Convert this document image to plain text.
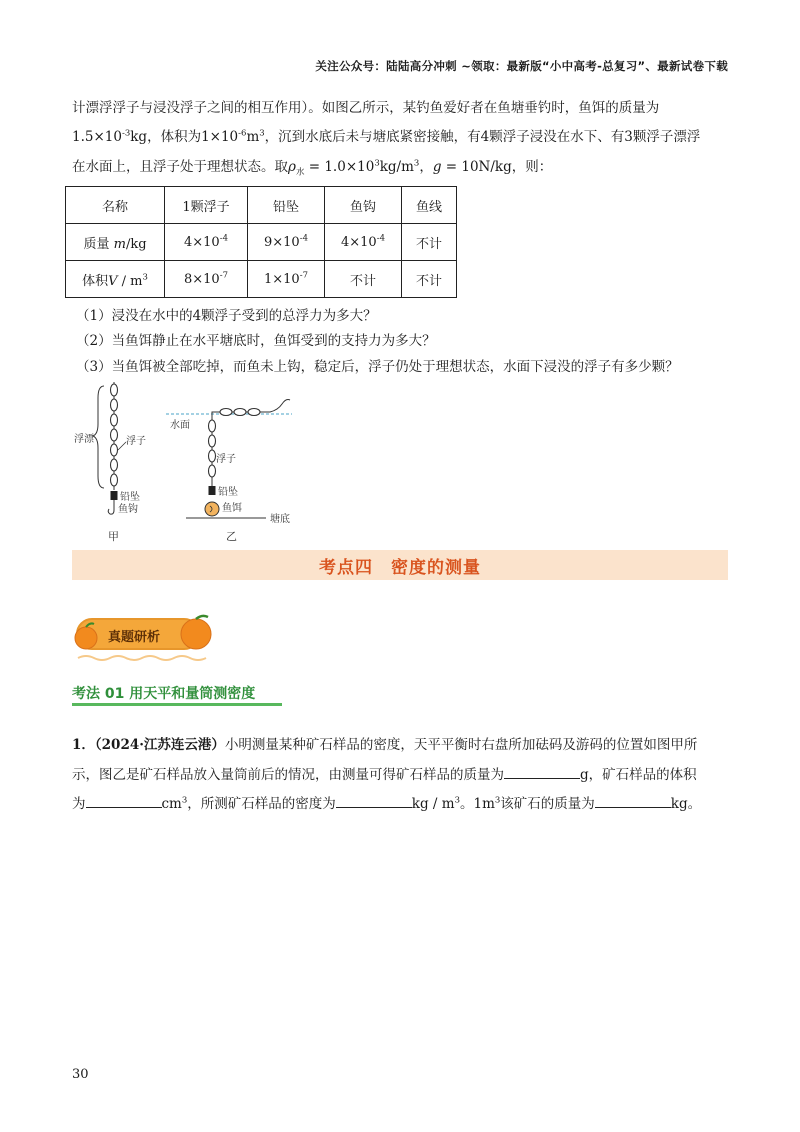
关注公众号：陆陆高分冲刺 ~领取：最新版“小中高考-总复习”、最新试卷下载
计漂浮浮子与浸没浮子之间的相互作用）。如图乙所示，某钓鱼爱好者在鱼塘垂钓时，鱼饵的质量为
$1.5\times 10^{-3}kg$，体积为$1\times 10^{-6}m^3$，沉到水底后未与塘底紧密接触，有4颗浮子浸没在水下、有3颗浮子漂浮
在水面上，且浮子处于理想状态。取$\rho_水 = 1.0\times 10^3kg/m^3$，g = 10N/kg，则：
名称	1颗浮子	铅坠	鱼钩	鱼线
质量 m/kg	$4\times 10^{-4}$	$9\times 10^{-4}$	$4\times 10^{-4}$	不计
体积V / $m^3$	$8\times 10^{-7}$	$1\times 10^{-7}$	不计	不计
（1）浸没在水中的4颗浮子受到的总浮力为多大？
（2）当鱼饵静止在水平塘底时，鱼饵受到的支持力为多大？
（3）当鱼饵被全部吃掉，而鱼未上钩，稳定后，浮子仍处于理想状态，水面下浸没的浮子有多少颗？
浮漂	浮子
铅坠
鱼钩
甲
水面
浮子
铅坠
鱼饵
塘底
乙
考点四　密度的测量
真题研析
考法 01 用天平和量筒测密度
1．（2024·江苏连云港）小明测量某种矿石样品的密度，天平平衡时右盘所加砝码及游码的位置如图甲所
示，图乙是矿石样品放入量筒前后的情况，由测量可得矿石样品的质量为	g，矿石样品的体积
为	$cm^3$，所测矿石样品的密度为	kg / $m^3$。$1m^3$该矿石的质量为	kg。
30
